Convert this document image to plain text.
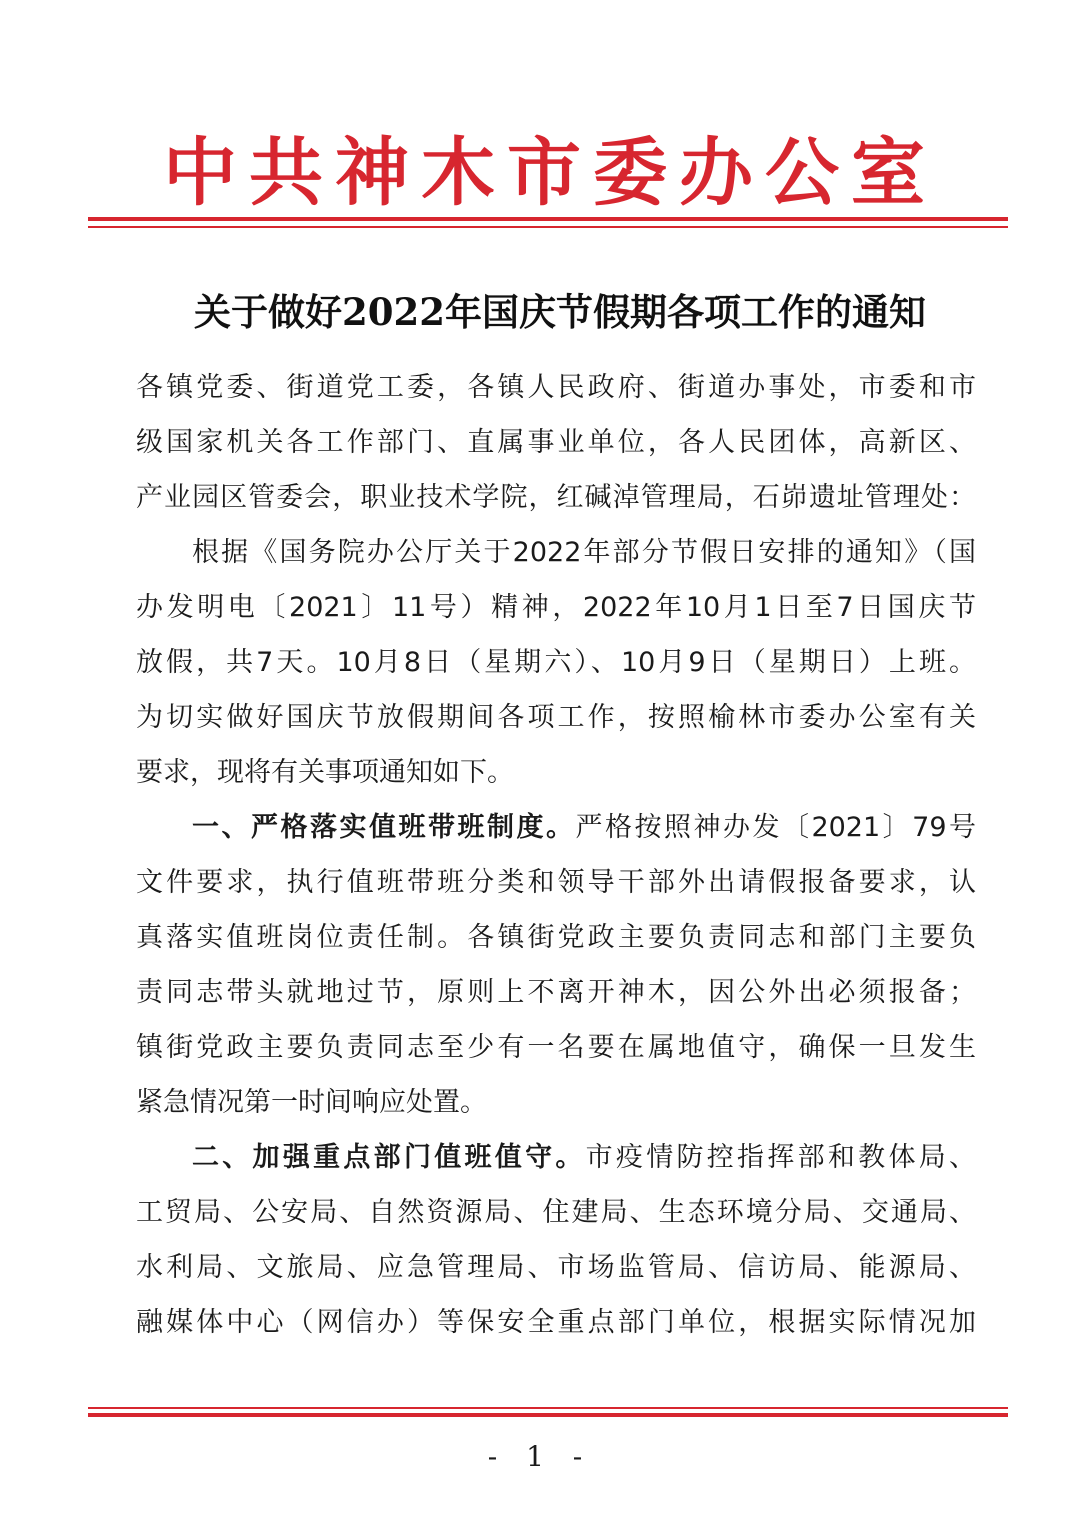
中共神木市委办公室
关于做好2022年国庆节假期各项工作的通知
各镇党委、街道党工委，各镇人民政府、街道办事处，市委和市
级国家机关各工作部门、直属事业单位，各人民团体，高新区、
产业园区管委会，职业技术学院，红碱淖管理局，石峁遗址管理处：
根据《国务院办公厅关于2022年部分节假日安排的通知》（国
办发明电〔2021〕11号）精神，2022年10月1日至7日国庆节
放假，共7天。10月8日（星期六）、10月9日（星期日）上班。
为切实做好国庆节放假期间各项工作，按照榆林市委办公室有关
要求，现将有关事项通知如下。
一、严格落实值班带班制度。严格按照神办发〔2021〕79号
文件要求，执行值班带班分类和领导干部外出请假报备要求，认
真落实值班岗位责任制。各镇街党政主要负责同志和部门主要负
责同志带头就地过节，原则上不离开神木，因公外出必须报备；
镇街党政主要负责同志至少有一名要在属地值守，确保一旦发生
紧急情况第一时间响应处置。
二、加强重点部门值班值守。市疫情防控指挥部和教体局、
工贸局、公安局、自然资源局、住建局、生态环境分局、交通局、
水利局、文旅局、应急管理局、市场监管局、信访局、能源局、
融媒体中心（网信办）等保安全重点部门单位，根据实际情况加
- 1 -
